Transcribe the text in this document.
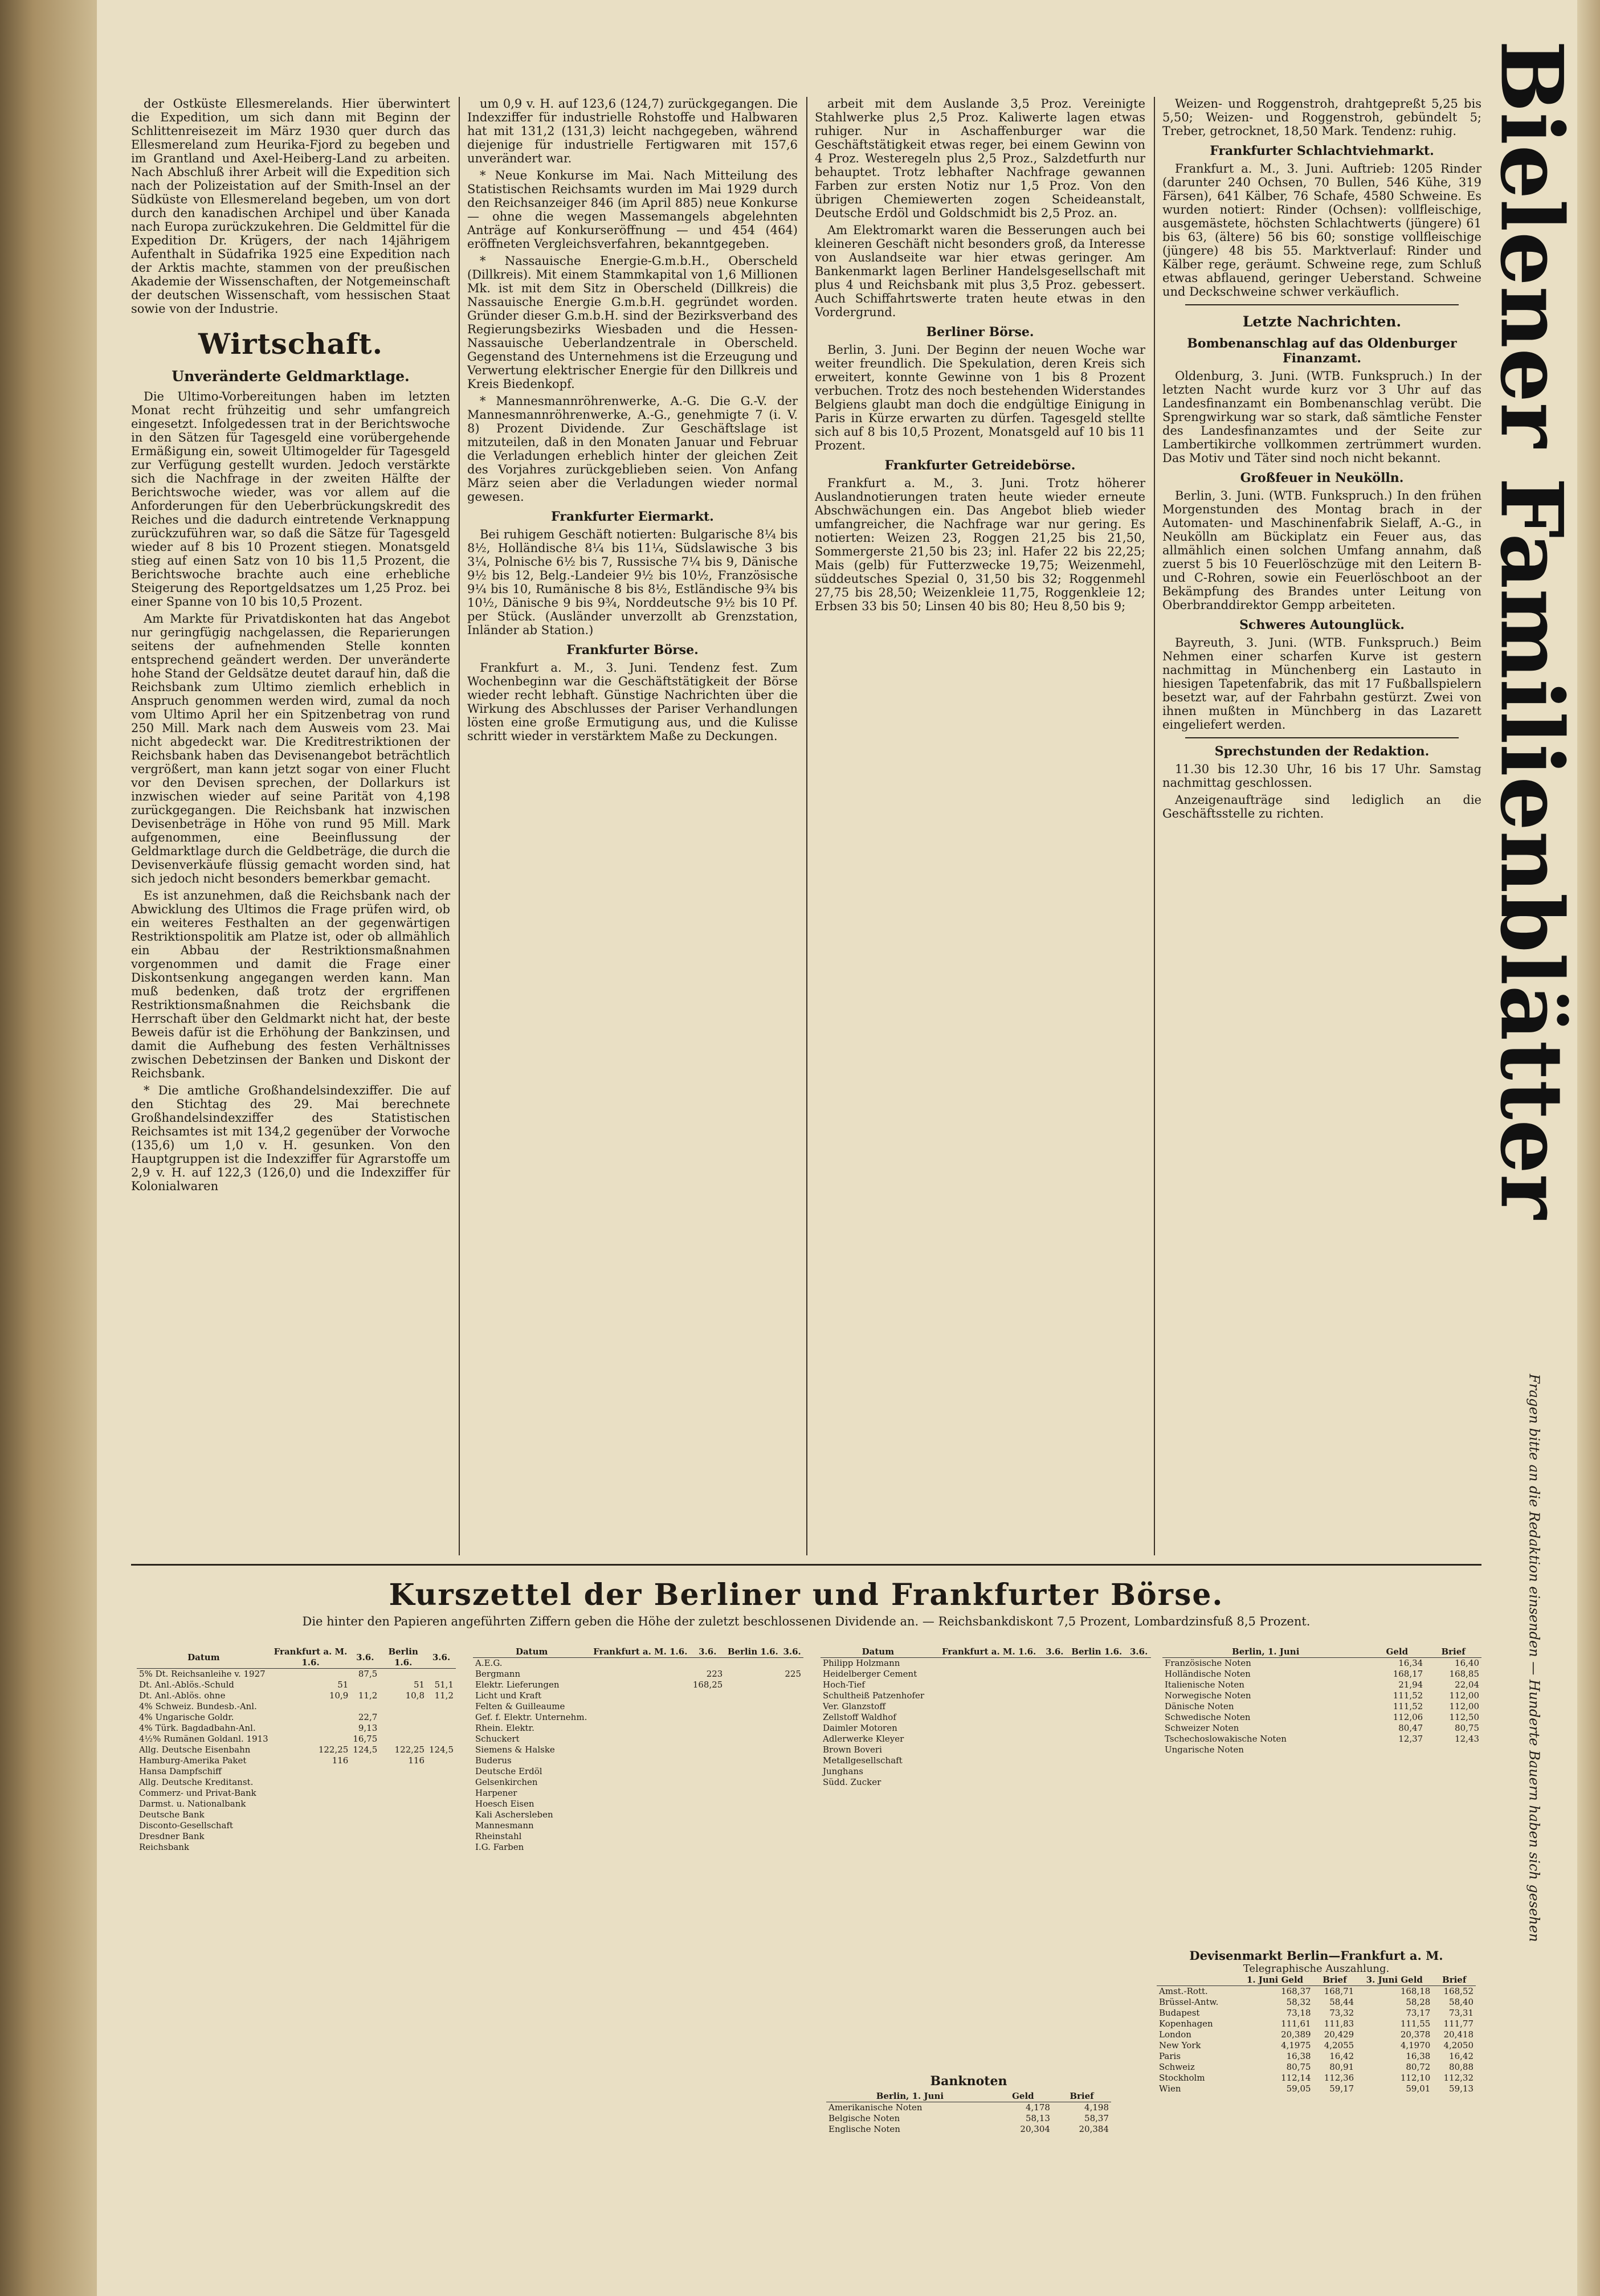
der Ostküste Ellesmerelands. Hier überwintert die Expedition, um sich dann mit Beginn der Schlittenreisezeit im März 1930 quer durch das Ellesmereland zum Heurika-Fjord zu begeben und im Grantland und Axel-Heiberg-Land zu arbeiten. Nach Abschluß ihrer Arbeit will die Expedition sich nach der Polizeistation auf der Smith-Insel an der Südküste von Ellesmereland begeben, um von dort durch den kanadischen Archipel und über Kanada nach Europa zurückzukehren. Die Geldmittel für die Expedition Dr. Krügers, der nach 14jährigem Aufenthalt in Südafrika 1925 eine Expedition nach der Arktis machte, stammen von der preußischen Akademie der Wissenschaften, der Notgemeinschaft der deutschen Wissenschaft, vom hessischen Staat sowie von der Industrie.

Wirtschaft.
Unveränderte Geldmarktlage.

Die Ultimo-Vorbereitungen haben im letzten Monat recht frühzeitig und sehr umfangreich eingesetzt. Infolgedessen trat in der Berichtswoche in den Sätzen für Tagesgeld eine vorübergehende Ermäßigung ein, soweit Ultimogelder für Tagesgeld zur Verfügung gestellt wurden. Jedoch verstärkte sich die Nachfrage in der zweiten Hälfte der Berichtswoche wieder, was vor allem auf die Anforderungen für den Ueberbrückungskredit des Reiches und die dadurch eintretende Verknappung zurückzuführen war, so daß die Sätze für Tagesgeld wieder auf 8 bis 10 Prozent stiegen. Monatsgeld stieg auf einen Satz von 10 bis 11,5 Prozent, die Berichtswoche brachte auch eine erhebliche Steigerung des Reportgeldsatzes um 1,25 Proz. bei einer Spanne von 10 bis 10,5 Prozent.

Am Markte für Privatdiskonten hat das Angebot nur geringfügig nachgelassen, die Reparierungen seitens der aufnehmenden Stelle konnten entsprechend geändert werden. Der unveränderte hohe Stand der Geldsätze deutet darauf hin, daß die Reichsbank zum Ultimo ziemlich erheblich in Anspruch genommen werden wird, zumal da noch vom Ultimo April her ein Spitzenbetrag von rund 250 Mill. Mark nach dem Ausweis vom 23. Mai nicht abgedeckt war. Die Kreditrestriktionen der Reichsbank haben das Devisenangebot beträchtlich vergrößert, man kann jetzt sogar von einer Flucht vor den Devisen sprechen, der Dollarkurs ist inzwischen wieder auf seine Parität von 4,198 zurückgegangen. Die Reichsbank hat inzwischen Devisenbeträge in Höhe von rund 95 Mill. Mark aufgenommen, eine Beeinflussung der Geldmarktlage durch die Geldbeträge, die durch die Devisenverkäufe flüssig gemacht worden sind, hat sich jedoch nicht besonders bemerkbar gemacht.

Es ist anzunehmen, daß die Reichsbank nach der Abwicklung des Ultimos die Frage prüfen wird, ob ein weiteres Festhalten an der gegenwärtigen Restriktionspolitik am Platze ist, oder ob allmählich ein Abbau der Restriktionsmaßnahmen vorgenommen und damit die Frage einer Diskontsenkung angegangen werden kann. Man muß bedenken, daß trotz der ergriffenen Restriktionsmaßnahmen die Reichsbank die Herrschaft über den Geldmarkt nicht hat, der beste Beweis dafür ist die Erhöhung der Bankzinsen, und damit die Aufhebung des festen Verhältnisses zwischen Debetzinsen der Banken und Diskont der Reichsbank.

* Die amtliche Großhandelsindexziffer. Die auf den Stichtag des 29. Mai berechnete Großhandelsindexziffer des Statistischen Reichsamtes ist mit 134,2 gegenüber der Vorwoche (135,6) um 1,0 v. H. gesunken. Von den Hauptgruppen ist die Indexziffer für Agrarstoffe um 2,9 v. H. auf 122,3 (126,0) und die Indexziffer für Kolonialwaren

um 0,9 v. H. auf 123,6 (124,7) zurückgegangen. Die Indexziffer für industrielle Rohstoffe und Halbwaren hat mit 131,2 (131,3) leicht nachgegeben, während diejenige für industrielle Fertigwaren mit 157,6 unverändert war.

* Neue Konkurse im Mai. Nach Mitteilung des Statistischen Reichsamts wurden im Mai 1929 durch den Reichsanzeiger 846 (im April 885) neue Konkurse — ohne die wegen Massemangels abgelehnten Anträge auf Konkurseröffnung — und 454 (464) eröffneten Vergleichsverfahren, bekanntgegeben.

* Nassauische Energie-G.m.b.H., Oberscheld (Dillkreis). Mit einem Stammkapital von 1,6 Millionen Mk. ist mit dem Sitz in Oberscheld (Dillkreis) die Nassauische Energie G.m.b.H. gegründet worden. Gründer dieser G.m.b.H. sind der Bezirksverband des Regierungsbezirks Wiesbaden und die Hessen-Nassauische Ueberlandzentrale in Oberscheld. Gegenstand des Unternehmens ist die Erzeugung und Verwertung elektrischer Energie für den Dillkreis und Kreis Biedenkopf.

* Mannesmannröhrenwerke, A.-G. Die G.-V. der Mannesmannröhrenwerke, A.-G., genehmigte 7 (i. V. 8) Prozent Dividende. Zur Geschäftslage ist mitzuteilen, daß in den Monaten Januar und Februar die Verladungen erheblich hinter der gleichen Zeit des Vorjahres zurückgeblieben seien. Von Anfang März seien aber die Verladungen wieder normal gewesen.

Frankfurter Eiermarkt.

Bei ruhigem Geschäft notierten: Bulgarische 8¼ bis 8½, Holländische 8¼ bis 11¼, Südslawische 3 bis 3¼, Polnische 6½ bis 7, Russische 7¼ bis 9, Dänische 9½ bis 12, Belg.-Landeier 9½ bis 10½, Französische 9¼ bis 10, Rumänische 8 bis 8½, Estländische 9¾ bis 10½, Dänische 9 bis 9¾, Norddeutsche 9½ bis 10 Pf. per Stück. (Ausländer unverzollt ab Grenzstation, Inländer ab Station.)

Frankfurter Börse.

Frankfurt a. M., 3. Juni. Tendenz fest. Zum Wochenbeginn war die Geschäftstätigkeit der Börse wieder recht lebhaft. Günstige Nachrichten über die Wirkung des Abschlusses der Pariser Verhandlungen lösten eine große Ermutigung aus, und die Kulisse schritt wieder in verstärktem Maße zu Deckungen.

arbeit mit dem Auslande 3,5 Proz. Vereinigte Stahlwerke plus 2,5 Proz. Kaliwerte lagen etwas ruhiger. Nur in Aschaffenburger war die Geschäftstätigkeit etwas reger, bei einem Gewinn von 4 Proz. Westeregeln plus 2,5 Proz., Salzdetfurth nur behauptet. Trotz lebhafter Nachfrage gewannen Farben zur ersten Notiz nur 1,5 Proz. Von den übrigen Chemiewerten zogen Scheideanstalt, Deutsche Erdöl und Goldschmidt bis 2,5 Proz. an.

Am Elektromarkt waren die Besserungen auch bei kleineren Geschäft nicht besonders groß, da Interesse von Auslandseite war hier etwas geringer. Am Bankenmarkt lagen Berliner Handelsgesellschaft mit plus 4 und Reichsbank mit plus 3,5 Proz. gebessert. Auch Schiffahrtswerte traten heute etwas in den Vordergrund.

Berliner Börse.

Berlin, 3. Juni. Der Beginn der neuen Woche war weiter freundlich. Die Spekulation, deren Kreis sich erweitert, konnte Gewinne von 1 bis 8 Prozent verbuchen. Trotz des noch bestehenden Widerstandes Belgiens glaubt man doch die endgültige Einigung in Paris in Kürze erwarten zu dürfen. Tagesgeld stellte sich auf 8 bis 10,5 Prozent, Monatsgeld auf 10 bis 11 Prozent.

Frankfurter Getreidebörse.

Frankfurt a. M., 3. Juni. Trotz höherer Auslandnotierungen traten heute wieder erneute Abschwächungen ein. Das Angebot blieb wieder umfangreicher, die Nachfrage war nur gering. Es notierten: Weizen 23, Roggen 21,25 bis 21,50, Sommergerste 21,50 bis 23; inl. Hafer 22 bis 22,25; Mais (gelb) für Futterzwecke 19,75; Weizenmehl, süddeutsches Spezial 0, 31,50 bis 32; Roggenmehl 27,75 bis 28,50; Weizenkleie 11,75, Roggenkleie 12; Erbsen 33 bis 50; Linsen 40 bis 80; Heu 8,50 bis 9;

Weizen- und Roggenstroh, drahtgepreßt 5,25 bis 5,50; Weizen- und Roggenstroh, gebündelt 5; Treber, getrocknet, 18,50 Mark. Tendenz: ruhig.

Frankfurter Schlachtviehmarkt.

Frankfurt a. M., 3. Juni. Auftrieb: 1205 Rinder (darunter 240 Ochsen, 70 Bullen, 546 Kühe, 319 Färsen), 641 Kälber, 76 Schafe, 4580 Schweine. Es wurden notiert: Rinder (Ochsen): vollfleischige, ausgemästete, höchsten Schlachtwerts (jüngere) 61 bis 63, (ältere) 56 bis 60; sonstige vollfleischige (jüngere) 48 bis 55. Marktverlauf: Rinder und Kälber rege, geräumt. Schweine rege, zum Schluß etwas abflauend, geringer Ueberstand. Schweine und Deckschweine schwer verkäuflich.

Letzte Nachrichten.
Bombenanschlag auf das Oldenburger Finanzamt.

Oldenburg, 3. Juni. (WTB. Funkspruch.) In der letzten Nacht wurde kurz vor 3 Uhr auf das Landesfinanzamt ein Bombenanschlag verübt. Die Sprengwirkung war so stark, daß sämtliche Fenster des Landesfinanzamtes und der Seite zur Lambertikirche vollkommen zertrümmert wurden. Das Motiv und Täter sind noch nicht bekannt.

Großfeuer in Neukölln.

Berlin, 3. Juni. (WTB. Funkspruch.) In den frühen Morgenstunden des Montag brach in der Automaten- und Maschinenfabrik Sielaff, A.-G., in Neukölln am Bückiplatz ein Feuer aus, das allmählich einen solchen Umfang annahm, daß zuerst 5 bis 10 Feuerlöschzüge mit den Leitern B- und C-Rohren, sowie ein Feuerlöschboot an der Bekämpfung des Brandes unter Leitung von Oberbranddirektor Gempp arbeiteten.

Schweres Autounglück.

Bayreuth, 3. Juni. (WTB. Funkspruch.) Beim Nehmen einer scharfen Kurve ist gestern nachmittag in Münchenberg ein Lastauto in hiesigen Tapetenfabrik, das mit 17 Fußballspielern besetzt war, auf der Fahrbahn gestürzt. Zwei von ihnen mußten in Münchberg in das Lazarett eingeliefert werden.

Sprechstunden der Redaktion.

11.30 bis 12.30 Uhr, 16 bis 17 Uhr. Samstag nachmittag geschlossen.

Anzeigenaufträge sind lediglich an die Geschäftsstelle zu richten.	Bielener Familienblätter
Fragen bitte an die Redaktion einsenden — Hunderte Bauern haben sich gesehen
Kurszettel der Berliner und Frankfurter Börse.

Die hinter den Papieren angeführten Ziffern geben die Höhe der zuletzt beschlossenen Dividende an. — Reichsbankdiskont 7,5 Prozent, Lombardzinsfuß 8,5 Prozent.

Datum	Frankfurt a. M. 1.6.	3.6.	Berlin 1.6.	3.6.
5% Dt. Reichsanleihe v. 1927		87,5		
Dt. Anl.-Ablös.-Schuld	51		51	51,1
Dt. Anl.-Ablös. ohne	10,9	11,2	10,8	11,2
4% Schweiz. Bundesb.-Anl.				
4% Ungarische Goldr.		22,7		
4% Türk. Bagdadbahn-Anl.		9,13		
4½% Rumänen Goldanl. 1913		16,75		
Allg. Deutsche Eisenbahn	122,25	124,5	122,25	124,5
Hamburg-Amerika Paket	116		116	
Hansa Dampfschiff				
Allg. Deutsche Kreditanst.				
Commerz- und Privat-Bank				
Darmst. u. Nationalbank				
Deutsche Bank				
Disconto-Gesellschaft				
Dresdner Bank				
Reichsbank				
Datum	Frankfurt a. M. 1.6.	3.6.	Berlin 1.6.	3.6.
A.E.G.				
Bergmann		223		225
Elektr. Lieferungen		168,25		
Licht und Kraft				
Felten & Guilleaume				
Gef. f. Elektr. Unternehm.				
Rhein. Elektr.				
Schuckert				
Siemens & Halske				
Buderus				
Deutsche Erdöl				
Gelsenkirchen				
Harpener				
Hoesch Eisen				
Kali Aschersleben				
Mannesmann				
Rheinstahl				
I.G. Farben				
Datum	Frankfurt a. M. 1.6.	3.6.	Berlin 1.6.	3.6.
Philipp Holzmann				
Heidelberger Cement				
Hoch-Tief				
Schultheiß Patzenhofer				
Ver. Glanzstoff				
Zellstoff Waldhof				
Daimler Motoren				
Adlerwerke Kleyer				
Brown Boveri				
Metallgesellschaft				
Junghans				
Südd. Zucker				
Berlin, 1. Juni	Geld	Brief
Französische Noten	16,34	16,40
Holländische Noten	168,17	168,85
Italienische Noten	21,94	22,04
Norwegische Noten	111,52	112,00
Dänische Noten	111,52	112,00
Schwedische Noten	112,06	112,50
Schweizer Noten	80,47	80,75
Tschechoslowakische Noten	12,37	12,43
Ungarische Noten		
Devisenmarkt Berlin—Frankfurt a. M.
Telegraphische Auszahlung.
	1. Juni Geld	Brief	3. Juni Geld	Brief
Amst.-Rott.	168,37	168,71	168,18	168,52
Brüssel-Antw.	58,32	58,44	58,28	58,40
Budapest	73,18	73,32	73,17	73,31
Kopenhagen	111,61	111,83	111,55	111,77
London	20,389	20,429	20,378	20,418
New York	4,1975	4,2055	4,1970	4,2050
Paris	16,38	16,42	16,38	16,42
Schweiz	80,75	80,91	80,72	80,88
Stockholm	112,14	112,36	112,10	112,32
Wien	59,05	59,17	59,01	59,13
Banknoten
Berlin, 1. Juni	Geld	Brief
Amerikanische Noten	4,178	4,198
Belgische Noten	58,13	58,37
Englische Noten	20,304	20,384
